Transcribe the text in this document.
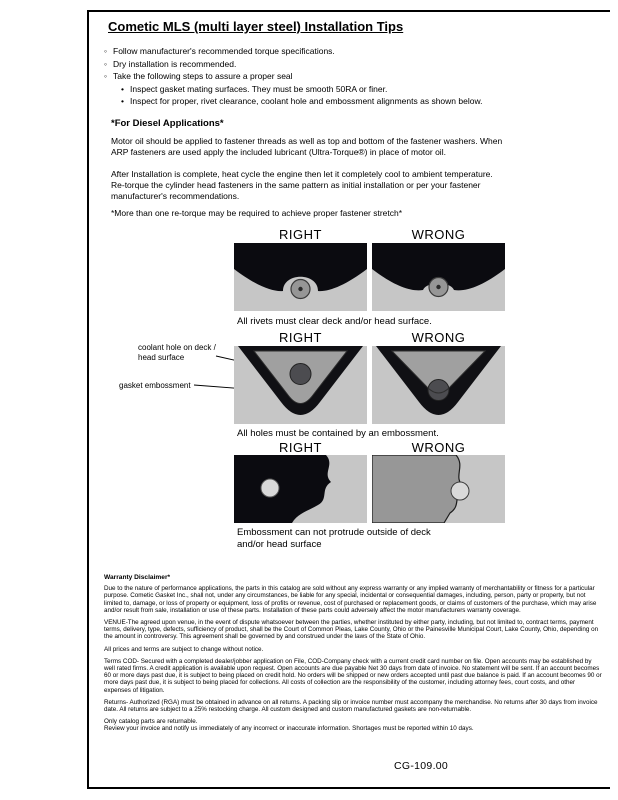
Cometic MLS (multi layer steel) Installation Tips
◦ Follow manufacturer's recommended torque specifications.
◦ Dry installation is recommended.
◦ Take the following steps to assure a proper seal
• Inspect gasket mating surfaces. They must be smooth 50RA or finer.
• Inspect for proper, rivet clearance, coolant hole and embossment alignments as shown below.
*For Diesel Applications*
Motor oil should be applied to fastener threads as well as top and bottom of the fastener washers. When ARP fasteners are used apply the included lubricant (Ultra-Torque®) in place of motor oil.
After Installation is complete, heat cycle the engine then let it completely cool to ambient temperature. Re-torque the cylinder head fasteners in the same pattern as initial installation or per your fastener manufacturer's recommendations.
*More than one re-torque may be required to achieve proper fastener stretch*
RIGHT	WRONG
All rivets must clear deck and/or head surface.
RIGHT	WRONG
coolant hole on deck / head surface
gasket embossment
All holes must be contained by an embossment.
RIGHT	WRONG
Embossment can not protrude outside of deck and/or head surface
Warranty Disclaimer*

Due to the nature of performance applications, the parts in this catalog are sold without any express warranty or any implied warranty of merchantability or fitness for a particular purpose. Cometic Gasket Inc., shall not, under any circumstances, be liable for any special, incidental or consequential damages, including, person, party or property, but not limited to, damage, or loss of property or equipment, loss of profits or revenue, cost of purchased or replacement goods, or claims of customers of the purchase, which may arise and/or result from sale, installation or use of these parts. Installation of these parts could adversely affect the motor manufacturers warranty coverage.

VENUE-The agreed upon venue, in the event of dispute whatsoever between the parties, whether instituted by either party, including, but not limited to, contract terms, payment terms, delivery, type, defects, sufficiency of product, shall be the Court of Common Pleas, Lake County, Ohio or the Painesville Municipal Court, Lake County, Ohio, depending on the amount in controversy. This agreement shall be governed by and construed under the laws of the State of Ohio.

All prices and terms are subject to change without notice.

Terms COD- Secured with a completed dealer/jobber application on File, COD-Company check with a current credit card number on file. Open accounts may be established by well rated firms. A credit application is available upon request. Open accounts are due payable Net 30 days from date of invoice. No statement will be sent. If an account becomes 60 or more days past due, it is subject to being placed on credit hold. No orders will be shipped or new orders accepted until past due balance is paid. If an account becomes 90 or more days past due, it is subject to being placed for collections. All costs of collection are the responsibility of the customer, including attorney fees, court costs, and other expenses of litigation.

Returns- Authorized (RGA) must be obtained in advance on all returns. A packing slip or invoice number must accompany the merchandise. No returns after 30 days from invoice date. All returns are subject to a 25% restocking charge. All custom designed and custom manufactured gaskets are non-returnable.

Only catalog parts are returnable.

Review your invoice and notify us immediately of any incorrect or inaccurate information. Shortages must be reported within 10 days.

CG-109.00
